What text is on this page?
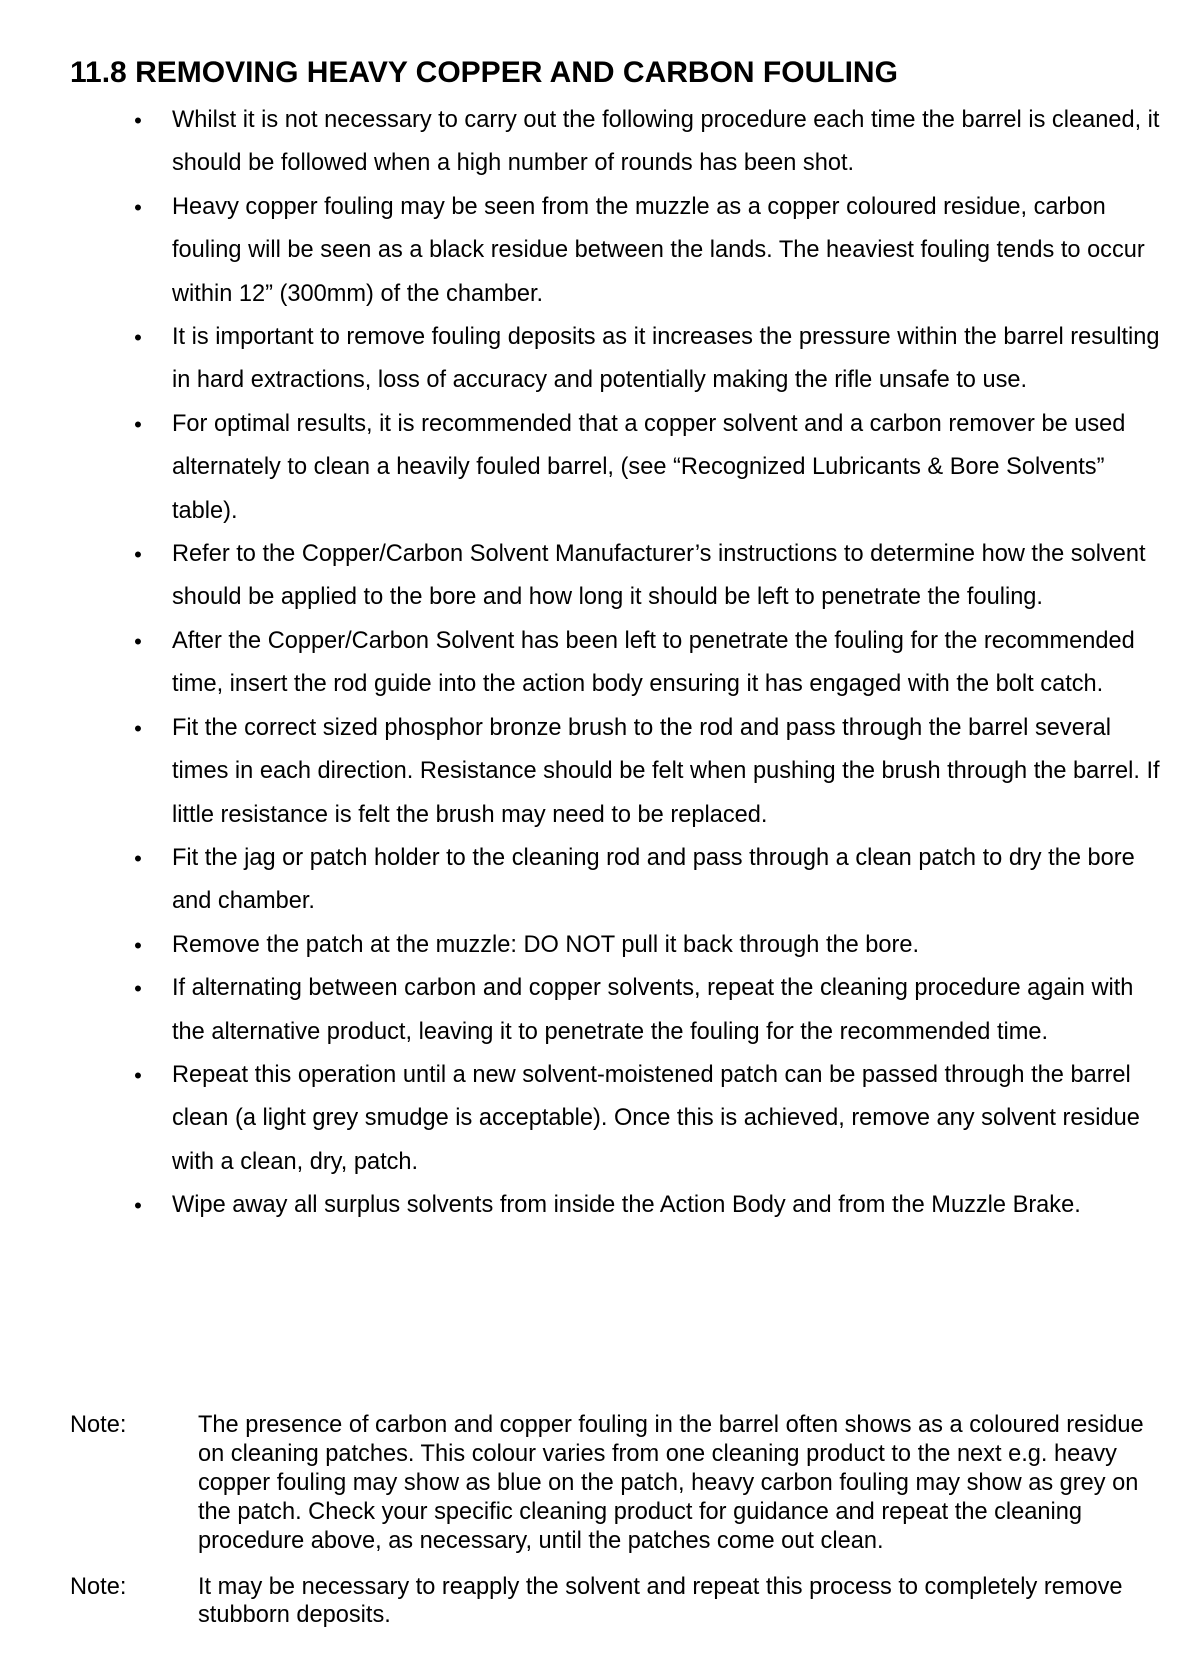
11.8 REMOVING HEAVY COPPER AND CARBON FOULING
• Whilst it is not necessary to carry out the following procedure each time the barrel is cleaned, it should be followed when a high number of rounds has been shot.
• Heavy copper fouling may be seen from the muzzle as a copper coloured residue, carbon fouling will be seen as a black residue between the lands. The heaviest fouling tends to occur within 12” (300mm) of the chamber.
• It is important to remove fouling deposits as it increases the pressure within the barrel resulting in hard extractions, loss of accuracy and potentially making the rifle unsafe to use.
• For optimal results, it is recommended that a copper solvent and a carbon remover be used alternately to clean a heavily fouled barrel, (see “Recognized Lubricants & Bore Solvents” table).
• Refer to the Copper/Carbon Solvent Manufacturer’s instructions to determine how the solvent should be applied to the bore and how long it should be left to penetrate the fouling.
• After the Copper/Carbon Solvent has been left to penetrate the fouling for the recommended time, insert the rod guide into the action body ensuring it has engaged with the bolt catch.
• Fit the correct sized phosphor bronze brush to the rod and pass through the barrel several times in each direction. Resistance should be felt when pushing the brush through the barrel. If little resistance is felt the brush may need to be replaced.
• Fit the jag or patch holder to the cleaning rod and pass through a clean patch to dry the bore and chamber.
• Remove the patch at the muzzle: DO NOT pull it back through the bore.
• If alternating between carbon and copper solvents, repeat the cleaning procedure again with the alternative product, leaving it to penetrate the fouling for the recommended time.
• Repeat this operation until a new solvent-moistened patch can be passed through the barrel clean (a light grey smudge is acceptable). Once this is achieved, remove any solvent residue with a clean, dry, patch.
• Wipe away all surplus solvents from inside the Action Body and from the Muzzle Brake.
Note:	The presence of carbon and copper fouling in the barrel often shows as a coloured residue on cleaning patches. This colour varies from one cleaning product to the next e.g. heavy copper fouling may show as blue on the patch, heavy carbon fouling may show as grey on the patch. Check your specific cleaning product for guidance and repeat the cleaning procedure above, as necessary, until the patches come out clean.
Note:	It may be necessary to reapply the solvent and repeat this process to completely remove stubborn deposits.
